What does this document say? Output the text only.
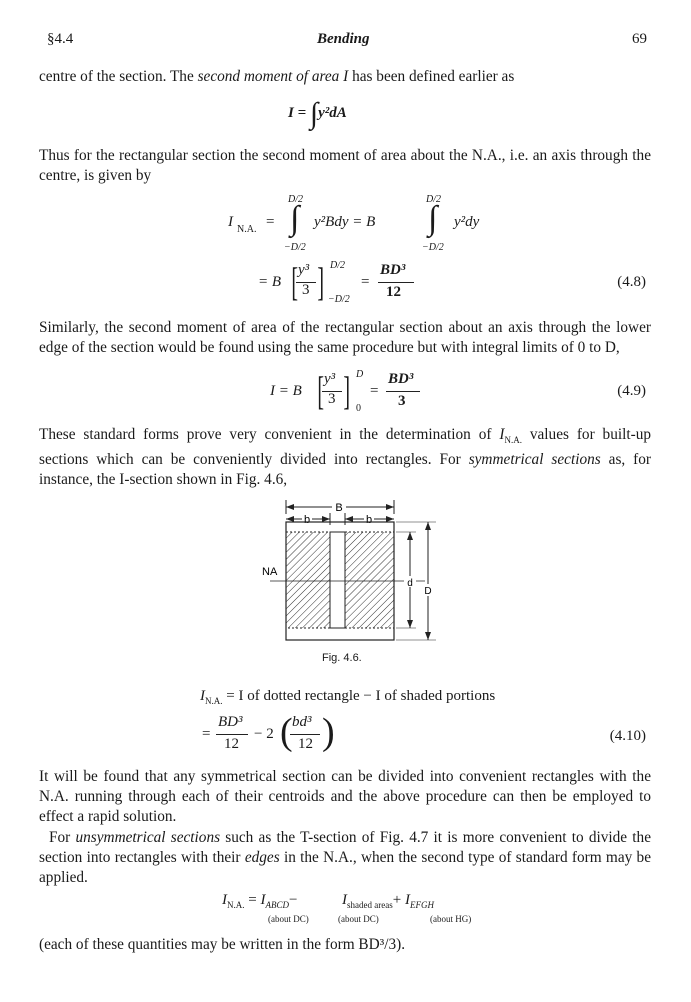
§4.4	Bending	69
centre of the section. The second moment of area I has been defined earlier as
I = ∫y²dA
Thus for the rectangular section the second moment of area about the N.A., i.e. an axis through the centre, is given by
I N.A. =
D/2
∫
−D/2
y²Bdy = B
D/2
∫
−D/2
y²dy
= B [ y³
3 ] D/2
−D/2
=
BD³
12
(4.8)
Similarly, the second moment of area of the rectangular section about an axis through the lower edge of the section would be found using the same procedure but with integral limits of 0 to D,
I = B [ y³
3 ] D
0
=
BD³
3
(4.9)
These standard forms prove very convenient in the determination of $I_{N.A.}$ values for built-up sections which can be conveniently divided into rectangles. For symmetrical sections as, for instance, the I-section shown in Fig. 4.6,
B
b	b
NA
d
D
Fig. 4.6.
$I_{N.A.} = I$ of dotted rectangle − I of shaded portions
=
BD³
12
− 2 ( bd³
12 )	(4.10)
It will be found that any symmetrical section can be divided into convenient rectangles with the N.A. running through each of their centroids and the above procedure can then be employed to effect a rapid solution.
For unsymmetrical sections such as the T-section of Fig. 4.7 it is more convenient to divide the section into rectangles with their edges in the N.A., when the second type of standard form may be applied.
$I_{N.A.} = I_{ABCD}-$	$I_{shaded areas}+ I_{EFGH}$
(about DC)	(about DC)	(about HG)
(each of these quantities may be written in the form BD³/3).
